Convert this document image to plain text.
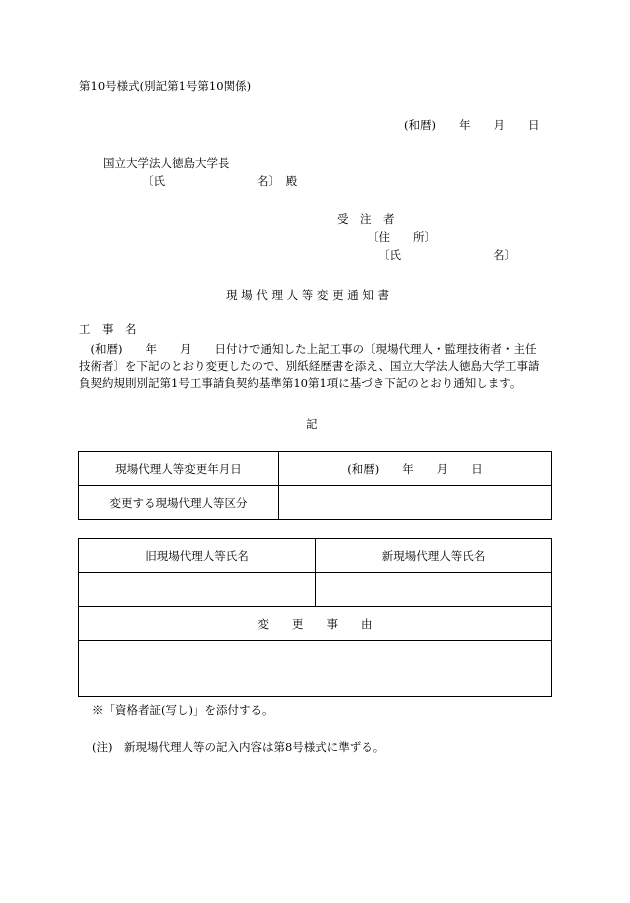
第10号様式(別記第1号第10関係)
(和暦)　　年　　月　　日
国立大学法人徳島大学長
〔氏　　　　　　　　名〕　殿
受　注　者
〔住　　所〕
〔氏　　　　　　　　名〕
現 場 代 理 人 等 変 更 通 知 書
工　事　名
　(和暦)　　年　　月　　日付けで通知した上記工事の〔現場代理人・監理技術者・主任
技術者〕を下記のとおり変更したので、別紙経歴書を添え、国立大学法人徳島大学工事請
負契約規則別記第1号工事請負契約基準第10第1項に基づき下記のとおり通知します。
記
現場代理人等変更年月日	(和暦)　　年　　月　　日
変更する現場代理人等区分	
旧現場代理人等氏名	新現場代理人等氏名

変　　更　　事　　由	

※「資格者証(写し)」を添付する。
(注)　新現場代理人等の記入内容は第8号様式に準ずる。
